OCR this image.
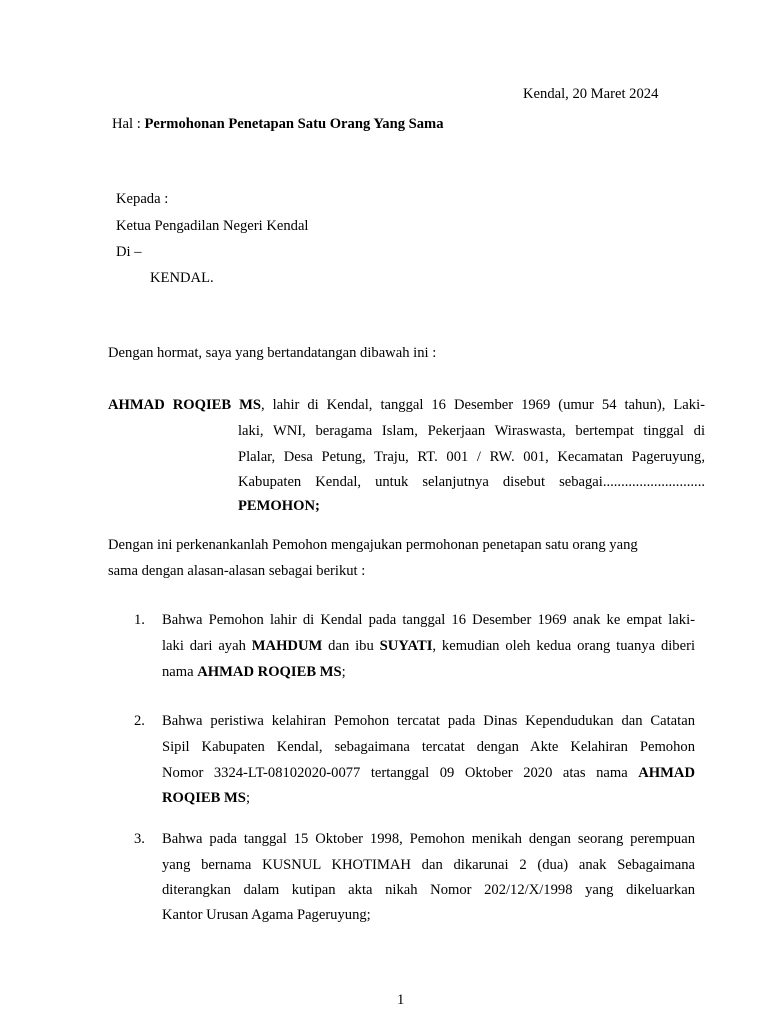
Kendal, 20 Maret 2024
Hal : Permohonan Penetapan Satu Orang Yang Sama
Kepada :
Ketua Pengadilan Negeri Kendal
Di –
KENDAL.
Dengan hormat, saya yang bertandatangan dibawah ini :
AHMAD ROQIEB MS, lahir di Kendal, tanggal 16 Desember 1969 (umur 54 tahun), Laki-
laki, WNI, beragama Islam, Pekerjaan Wiraswasta, bertempat tinggal di
Plalar, Desa Petung, Traju, RT. 001 / RW. 001, Kecamatan Pageruyung,
Kabupaten Kendal, untuk selanjutnya disebut sebagai............................
PEMOHON;
Dengan ini perkenankanlah Pemohon mengajukan permohonan penetapan satu orang yang
sama dengan alasan-alasan sebagai berikut :
1. Bahwa Pemohon lahir di Kendal pada tanggal 16 Desember 1969 anak ke empat laki-
laki dari ayah MAHDUM dan ibu SUYATI, kemudian oleh kedua orang tuanya diberi
nama AHMAD ROQIEB MS;
2. Bahwa peristiwa kelahiran Pemohon tercatat pada Dinas Kependudukan dan Catatan
Sipil Kabupaten Kendal, sebagaimana tercatat dengan Akte Kelahiran Pemohon
Nomor 3324-LT-08102020-0077 tertanggal 09 Oktober 2020 atas nama AHMAD
ROQIEB MS;
3. Bahwa pada tanggal 15 Oktober 1998, Pemohon menikah dengan seorang perempuan
yang bernama KUSNUL KHOTIMAH dan dikarunai 2 (dua) anak Sebagaimana
diterangkan dalam kutipan akta nikah Nomor 202/12/X/1998 yang dikeluarkan
Kantor Urusan Agama Pageruyung;
1
